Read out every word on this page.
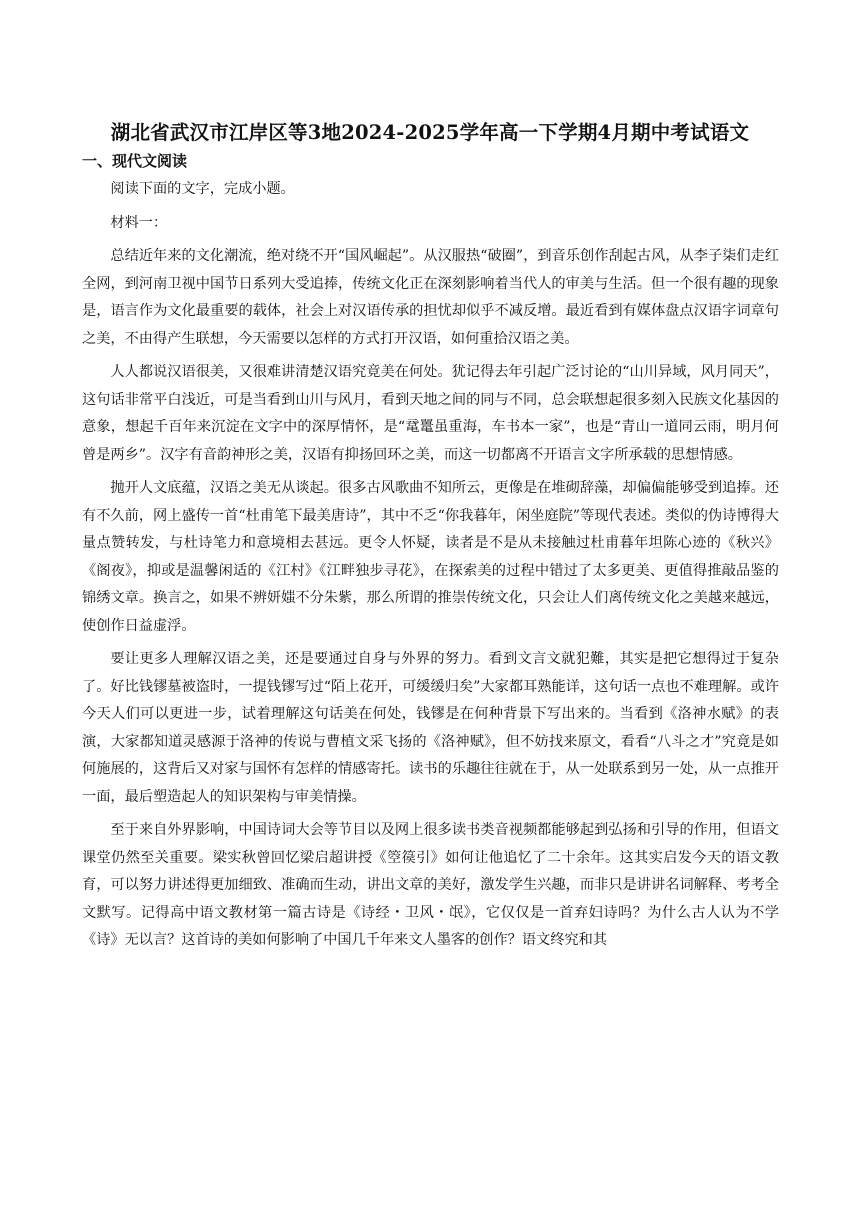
湖北省武汉市江岸区等3地2024-2025学年高一下学期4月期中考试语文
一、现代文阅读

阅读下面的文字，完成小题。

材料一：

总结近年来的文化潮流，绝对绕不开“国风崛起”。从汉服热“破圈”，到音乐创作刮起古风，从李子柒们走红全网，到河南卫视中国节日系列大受追捧，传统文化正在深刻影响着当代人的审美与生活。但一个很有趣的现象是，语言作为文化最重要的载体，社会上对汉语传承的担忧却似乎不减反增。最近看到有媒体盘点汉语字词章句之美，不由得产生联想，今天需要以怎样的方式打开汉语，如何重拾汉语之美。

人人都说汉语很美，又很难讲清楚汉语究竟美在何处。犹记得去年引起广泛讨论的“山川异域，风月同天”，这句话非常平白浅近，可是当看到山川与风月，看到天地之间的同与不同，总会联想起很多刻入民族文化基因的意象，想起千百年来沉淀在文字中的深厚情怀，是“鼋鼍虽重海，车书本一家”，也是“青山一道同云雨，明月何曾是两乡”。汉字有音韵神形之美，汉语有抑扬回环之美，而这一切都离不开语言文字所承载的思想情感。

抛开人文底蕴，汉语之美无从谈起。很多古风歌曲不知所云，更像是在堆砌辞藻，却偏偏能够受到追捧。还有不久前，网上盛传一首“杜甫笔下最美唐诗”，其中不乏“你我暮年，闲坐庭院”等现代表述。类似的伪诗博得大量点赞转发，与杜诗笔力和意境相去甚远。更令人怀疑，读者是不是从未接触过杜甫暮年坦陈心迹的《秋兴》《阁夜》，抑或是温馨闲适的《江村》《江畔独步寻花》，在探索美的过程中错过了太多更美、更值得推敲品鉴的锦绣文章。换言之，如果不辨妍媸不分朱紫，那么所谓的推崇传统文化，只会让人们离传统文化之美越来越远，使创作日益虚浮。

要让更多人理解汉语之美，还是要通过自身与外界的努力。看到文言文就犯難，其实是把它想得过于复杂了。好比钱镠墓被盗时，一提钱镠写过“陌上花开，可缓缓归矣”大家都耳熟能详，这句话一点也不难理解。或许今天人们可以更进一步，试着理解这句话美在何处，钱镠是在何种背景下写出来的。当看到《洛神水赋》的表演，大家都知道灵感源于洛神的传说与曹植文采飞扬的《洛神赋》，但不妨找来原文，看看“八斗之才”究竟是如何施展的，这背后又对家与国怀有怎样的情感寄托。读书的乐趣往往就在于，从一处联系到另一处，从一点推开一面，最后塑造起人的知识架构与审美情操。

至于来自外界影响，中国诗词大会等节目以及网上很多读书类音视频都能够起到弘扬和引导的作用，但语文课堂仍然至关重要。梁实秋曾回忆梁启超讲授《箜篌引》如何让他追忆了二十余年。这其实启发今天的语文教育，可以努力讲述得更加细致、准确而生动，讲出文章的美好，激发学生兴趣，而非只是讲讲名词解释、考考全文默写。记得高中语文教材第一篇古诗是《诗经・卫风・氓》，它仅仅是一首弃妇诗吗？为什么古人认为不学《诗》无以言？这首诗的美如何影响了中国几千年来文人墨客的创作？语文终究和其
